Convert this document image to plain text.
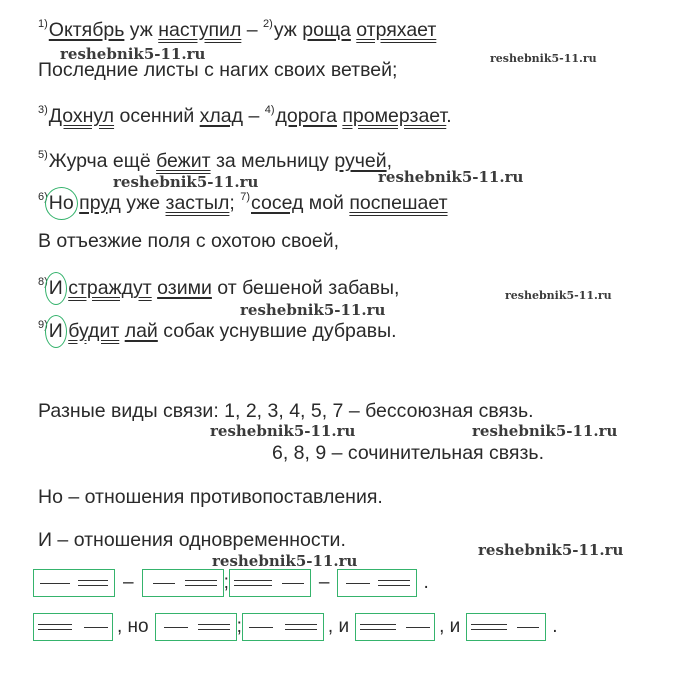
reshebnik5-11.ru	reshebnik5-11.ru
reshebnik5-11.ru	reshebnik5-11.ru
reshebnik5-11.ru
reshebnik5-11.ru
reshebnik5-11.ru	reshebnik5-11.ru
reshebnik5-11.ru
reshebnik5-11.ru
$^{1)}$Октябрь уж наступил – $^{2)}$уж роща отряхает
Последние листы с нагих своих ветвей;
$^{3)}$Дохнул осенний хлад – $^{4)}$дорога промерзает.
$^{5)}$Журча ещё бежит за мельницу ручей,
$^{6)}$Но пруд уже застыл; $^{7)}$сосед мой поспешает
В отъезжие поля с охотою своей,
$^{8)}$И страждут озими от бешеной забавы,
$^{9)}$И будит лай собак уснувшие дубравы.
Разные виды связи: 1, 2, 3, 4, 5, 7 – бессоюзная связь.
6, 8, 9 – сочинительная связь.
Но – отношения противопоставления.
И – отношения одновременности.
–	;	–	.
, но	;	, и	, и	.
